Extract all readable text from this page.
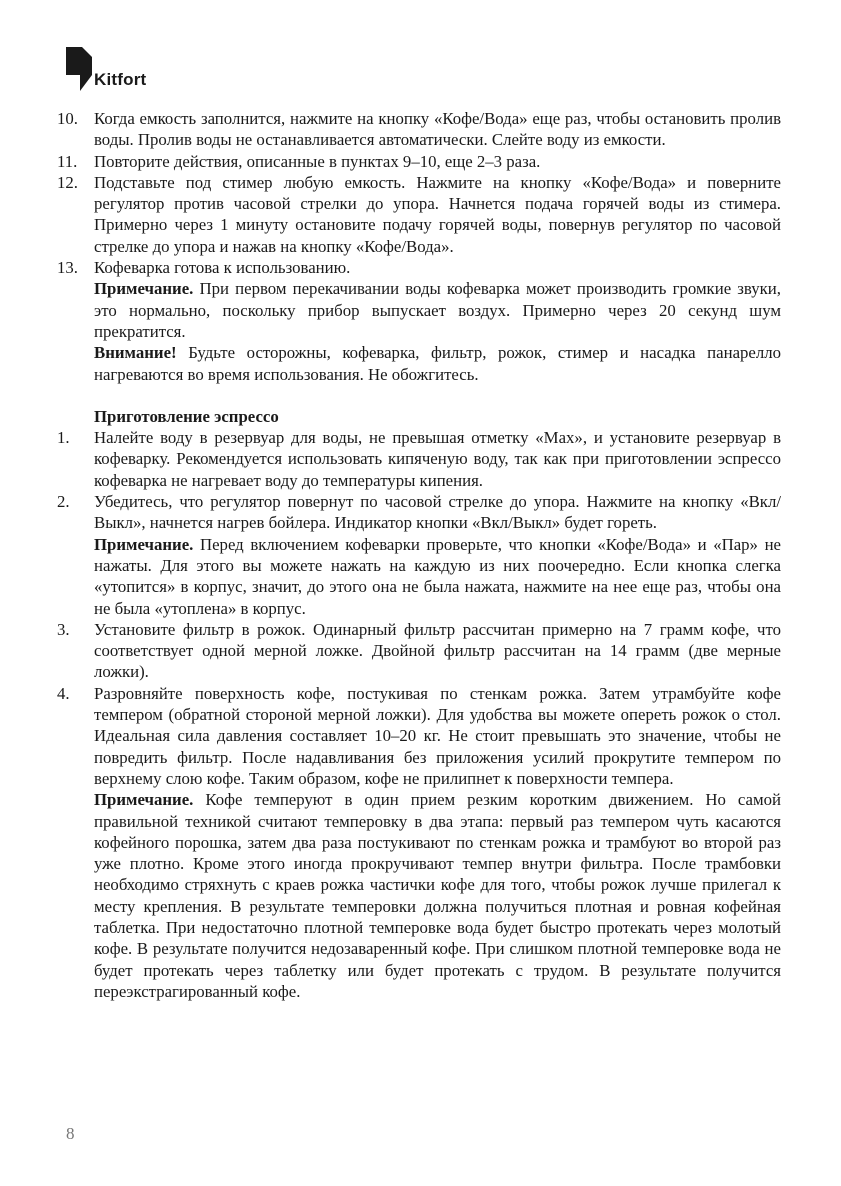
Kitfort
10. Когда емкость заполнится, нажмите на кнопку «Кофе/Вода» еще раз, чтобы остановить пролив воды. Пролив воды не останавливается автоматически. Слейте воду из емкости.
11. Повторите действия, описанные в пунктах 9–10, еще 2–3 раза.
12. Подставьте под стимер любую емкость. Нажмите на кнопку «Кофе/Вода» и поверните регулятор против часовой стрелки до упора. Начнется подача горячей воды из стимера. Примерно через 1 минуту остановите подачу горячей воды, повернув регулятор по часовой стрелке до упора и нажав на кнопку «Кофе/Вода».
13. Кофеварка готова к использованию.
Примечание. При первом перекачивании воды кофеварка может производить громкие звуки, это нормально, поскольку прибор выпускает воздух. Примерно через 20 секунд шум прекратится.
Внимание! Будьте осторожны, кофеварка, фильтр, рожок, стимер и насадка панарелло нагреваются во время использования. Не обожгитесь.
Приготовление эспрессо
1.	Налейте воду в резервуар для воды, не превышая отметку «Max», и установите резервуар в кофеварку. Рекомендуется использовать кипяченую воду, так как при приготовлении эспрессо кофеварка не нагревает воду до температуры кипения.
2.	Убедитесь, что регулятор повернут по часовой стрелке до упора. Нажмите на кнопку «Вкл/Выкл», начнется нагрев бойлера. Индикатор кнопки «Вкл/Выкл» будет гореть.
Примечание. Перед включением кофеварки проверьте, что кнопки «Кофе/Вода» и «Пар» не нажаты. Для этого вы можете нажать на каждую из них поочередно. Если кнопка слегка «утопится» в корпус, значит, до этого она не была нажата, нажмите на нее еще раз, чтобы она не была «утоплена» в корпус.
3.	Установите фильтр в рожок. Одинарный фильтр рассчитан примерно на 7 грамм кофе, что соответствует одной мерной ложке. Двойной фильтр рассчитан на 14 грамм (две мерные ложки).
4.	Разровняйте поверхность кофе, постукивая по стенкам рожка. Затем утрамбуйте кофе темпером (обратной стороной мерной ложки). Для удобства вы можете опереть рожок о стол. Идеальная сила давления составляет 10–20 кг. Не стоит превышать это значение, чтобы не повредить фильтр. После надавливания без приложения усилий прокрутите темпером по верхнему слою кофе. Таким образом, кофе не прилипнет к поверхности темпера.
Примечание. Кофе темперуют в один прием резким коротким движением. Но самой правильной техникой считают темперовку в два этапа: первый раз темпером чуть касаются кофейного порошка, затем два раза постукивают по стенкам рожка и трамбуют во второй раз уже плотно. Кроме этого иногда прокручивают темпер внутри фильтра. После трамбовки необходимо стряхнуть с краев рожка частички кофе для того, чтобы рожок лучше прилегал к месту крепления. В результате темперовки должна получиться плотная и ровная кофейная таблетка. При недостаточно плотной темперовке вода будет быстро протекать через молотый кофе. В результате получится недозаваренный кофе. При слишком плотной темперовке вода не будет протекать через таблетку или будет протекать с трудом. В результате получится переэкстрагированный кофе.
8
